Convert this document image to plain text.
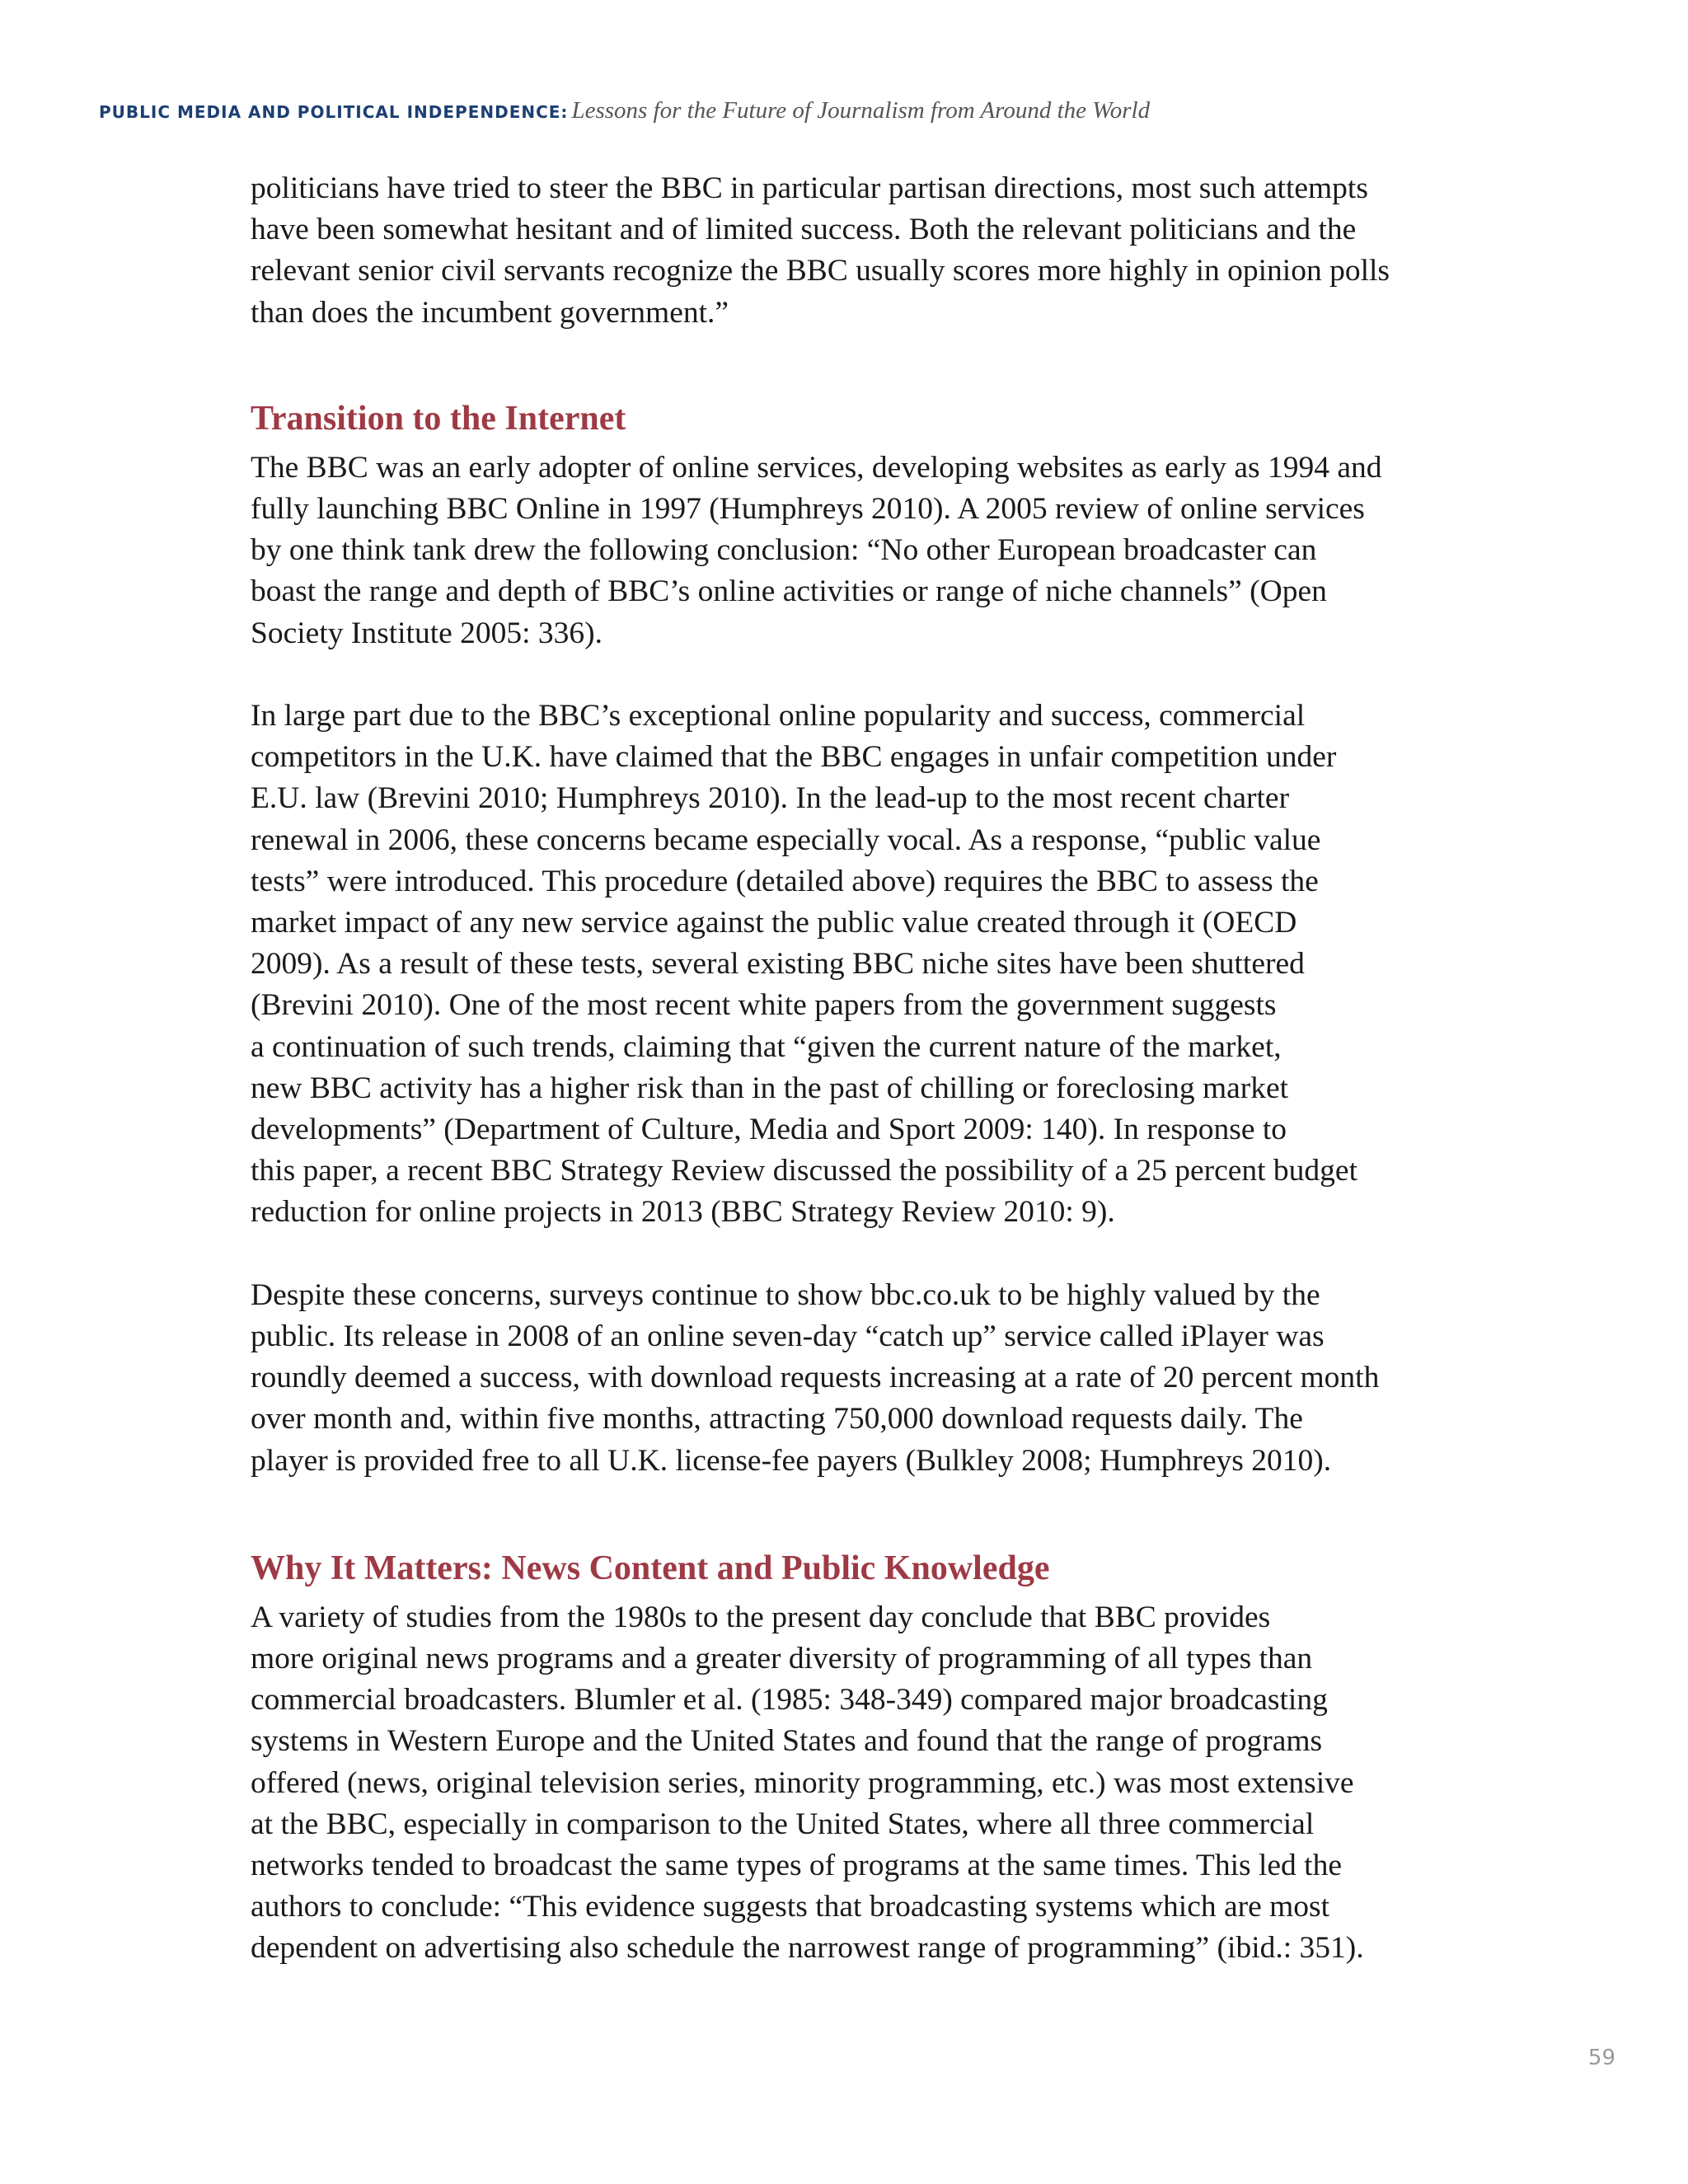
PUBLIC MEDIA AND POLITICAL INDEPENDENCE: Lessons for the Future of Journalism from Around the World

politicians have tried to steer the BBC in particular partisan directions, most such attempts
have been somewhat hesitant and of limited success. Both the relevant politicians and the
relevant senior civil servants recognize the BBC usually scores more highly in opinion polls
than does the incumbent government.”

Transition to the Internet

The BBC was an early adopter of online services, developing websites as early as 1994 and
fully launching BBC Online in 1997 (Humphreys 2010). A 2005 review of online services
by one think tank drew the following conclusion: “No other European broadcaster can
boast the range and depth of BBC’s online activities or range of niche channels” (Open
Society Institute 2005: 336).

In large part due to the BBC’s exceptional online popularity and success, commercial
competitors in the U.K. have claimed that the BBC engages in unfair competition under
E.U. law (Brevini 2010; Humphreys 2010). In the lead-up to the most recent charter
renewal in 2006, these concerns became especially vocal. As a response, “public value
tests” were introduced. This procedure (detailed above) requires the BBC to assess the
market impact of any new service against the public value created through it (OECD
2009). As a result of these tests, several existing BBC niche sites have been shuttered
(Brevini 2010). One of the most recent white papers from the government suggests
a continuation of such trends, claiming that “given the current nature of the market,
new BBC activity has a higher risk than in the past of chilling or foreclosing market
developments” (Department of Culture, Media and Sport 2009: 140). In response to
this paper, a recent BBC Strategy Review discussed the possibility of a 25 percent budget
reduction for online projects in 2013 (BBC Strategy Review 2010: 9).

Despite these concerns, surveys continue to show bbc.co.uk to be highly valued by the
public. Its release in 2008 of an online seven-day “catch up” service called iPlayer was
roundly deemed a success, with download requests increasing at a rate of 20 percent month
over month and, within five months, attracting 750,000 download requests daily. The
player is provided free to all U.K. license-fee payers (Bulkley 2008; Humphreys 2010).

Why It Matters: News Content and Public Knowledge

A variety of studies from the 1980s to the present day conclude that BBC provides
more original news programs and a greater diversity of programming of all types than
commercial broadcasters. Blumler et al. (1985: 348-349) compared major broadcasting
systems in Western Europe and the United States and found that the range of programs
offered (news, original television series, minority programming, etc.) was most extensive
at the BBC, especially in comparison to the United States, where all three commercial
networks tended to broadcast the same types of programs at the same times. This led the
authors to conclude: “This evidence suggests that broadcasting systems which are most
dependent on advertising also schedule the narrowest range of programming” (ibid.: 351).

59
